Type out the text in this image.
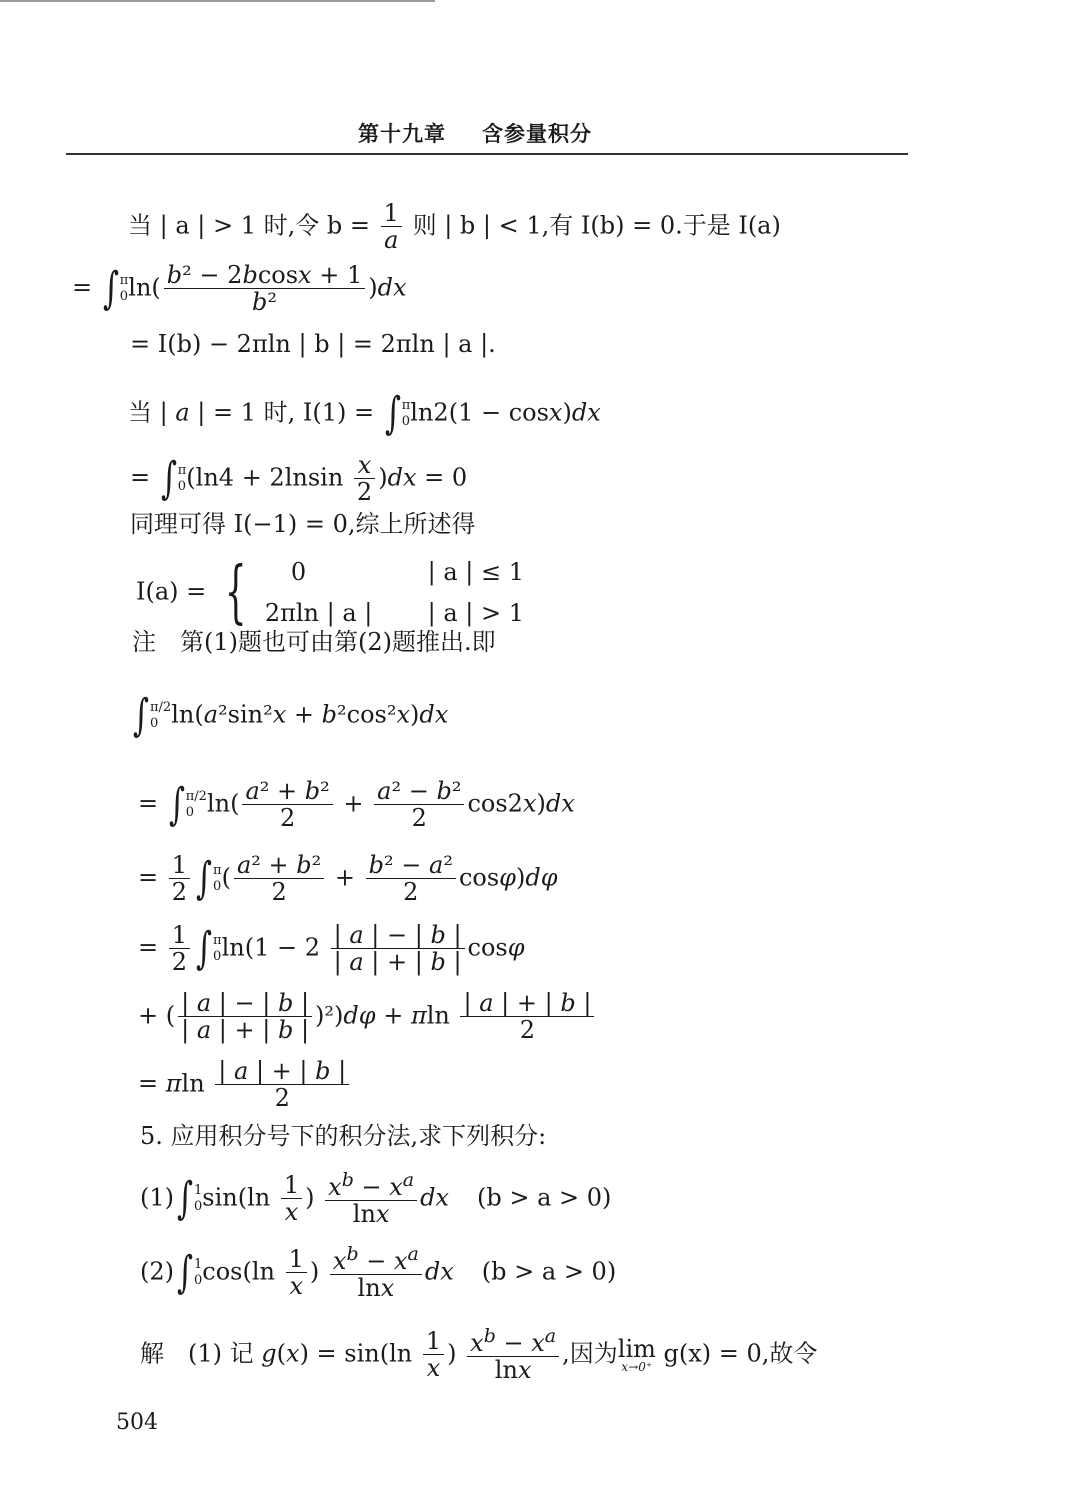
第十九章 含参量积分
当 | a | > 1 时,令 $b = \frac{1}{a}$ 则 | b | < 1,有 Ⅰ(b) = 0.于是 Ⅰ(a)
= ∫ π
0 $\ln( \frac{\text{b² − 2bcosx + 1}}{\text{b²}} )dx$
= Ⅰ(b) − 2πln | b | = 2πln | a |.
当 | a | = 1 时, Ⅰ(1) = ∫ π
0 ln2(1 − cosx)dx
= ∫ π
0 $(\ln 4 + 2lnsin \frac{x}{2} )dx = 0$
同理可得 Ⅰ(−1) = 0,综上所述得
Ⅰ(a) = {	0
2πln | a |

| a | ≤ 1
| a | > 1
注　第(1)题也可由第(2)题推出.即
∫ π/2
0 ln(a²sin²x + b²cos²x)dx
= ∫ π/2
0 $\ln( \frac{\text{a² + b²}}{2} + \frac{\text{a² − b²}}{2} \cos 2x)dx$
= $\frac{1}{2}$ ∫ π
0 ( $\frac{\text{a² + b²}}{2} + \frac{\text{b² − a²}}{2} \cos\varphi)d\varphi$
= $\frac{1}{2}$ ∫ π
0 $\ln(1 - 2 \frac{| a | - | b |}{| a | + | b |}$ cosφ
+ ( $\frac{| a | - | b |}{| a | + | b |} )^2)d\varphi + \pi\ln \frac{| a | + | b |}{2}$
= πln $\frac{| a | + | b |}{2}$
5. 应用积分号下的积分法,求下列积分:
(1)∫ 1
0 $\sin(\ln \frac{1}{x}$ ) $\frac{x^b - x^a}{\ln x}$ dx (b > a > 0)
(2)∫ 1
0 $\cos(\ln \frac{1}{x}$ ) $\frac{x^b - x^a}{\ln x}$ dx (b > a > 0)
解　(1) 记 $g(x) = \sin(\ln \frac{1}{x}$ ) $\frac{x^b - x^a}{\ln x}$ ,因为 lim
x→0⁺ g(x) = 0,故令
504
